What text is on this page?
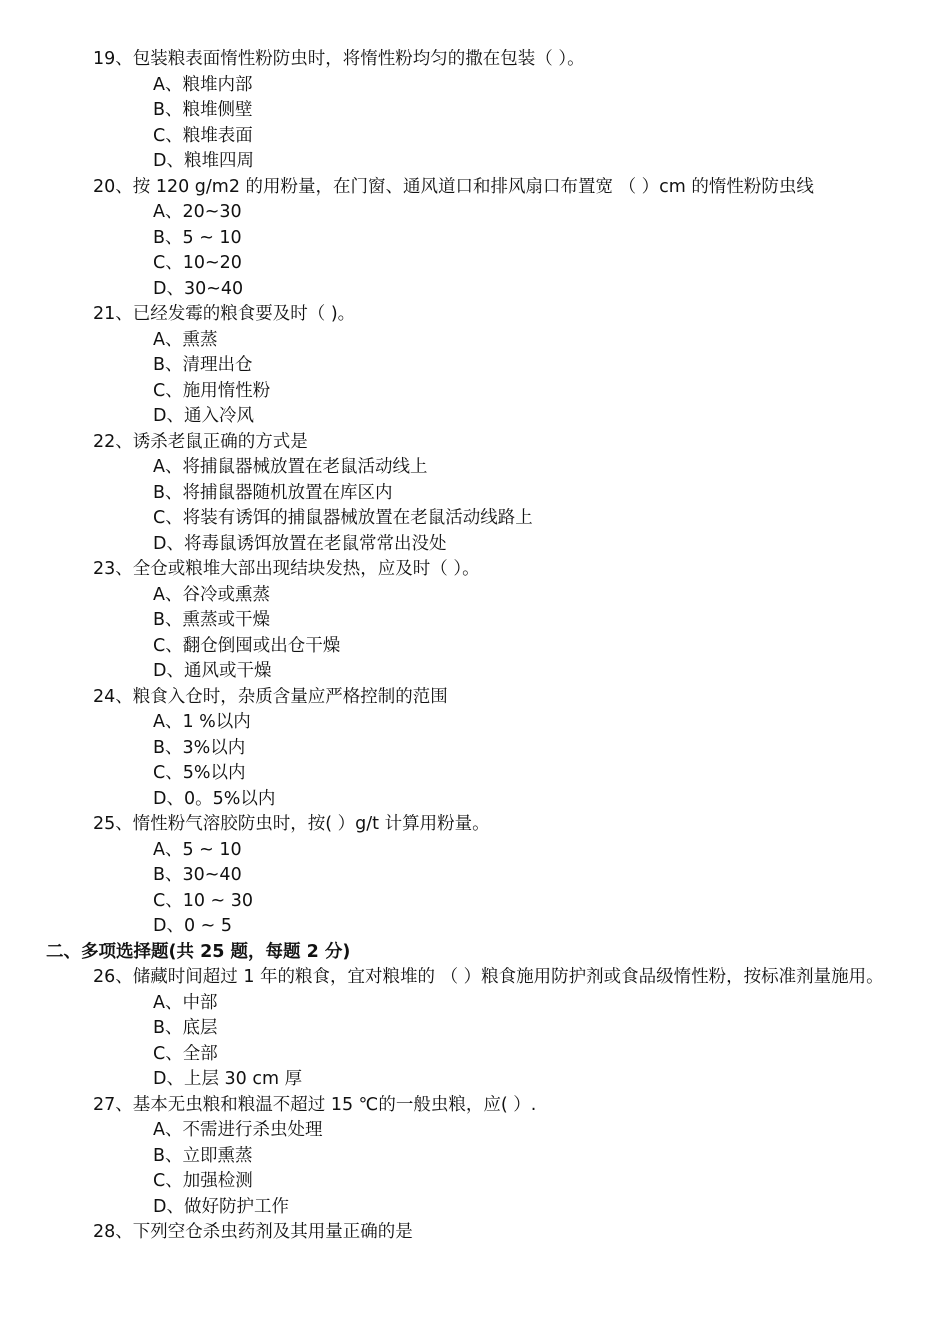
19、包装粮表面惰性粉防虫时，将惰性粉均匀的撒在包装（ ）。
A、粮堆内部
B、粮堆侧壁
C、粮堆表面
D、粮堆四周
20、按 120 g/m2 的用粉量，在门窗、通风道口和排风扇口布置宽 （ ）cm 的惰性粉防虫线
A、20~30
B、5 ~ 10
C、10~20
D、30~40
21、已经发霉的粮食要及时（ )。
A、熏蒸
B、清理出仓
C、施用惰性粉
D、通入冷风
22、诱杀老鼠正确的方式是
A、将捕鼠器械放置在老鼠活动线上
B、将捕鼠器随机放置在库区内
C、将装有诱饵的捕鼠器械放置在老鼠活动线路上
D、将毒鼠诱饵放置在老鼠常常出没处
23、全仓或粮堆大部出现结块发热，应及时（ ）。
A、谷冷或熏蒸
B、熏蒸或干燥
C、翻仓倒囤或出仓干燥
D、通风或干燥
24、粮食入仓时，杂质含量应严格控制的范围
A、1 %以内
B、3%以内
C、5%以内
D、0。5%以内
25、惰性粉气溶胶防虫时，按( ）g/t 计算用粉量。
A、5 ~ 10
B、30~40
C、10 ~ 30
D、0 ~ 5
二、多项选择题(共 25 题，每题 2 分)
26、储藏时间超过 1 年的粮食，宜对粮堆的 （ ）粮食施用防护剂或食品级惰性粉，按标准剂量施用。
A、中部
B、底层
C、全部
D、上层 30 cm 厚
27、基本无虫粮和粮温不超过 15 ℃的一般虫粮，应( ）.
A、不需进行杀虫处理
B、立即熏蒸
C、加强检测
D、做好防护工作
28、下列空仓杀虫药剂及其用量正确的是
